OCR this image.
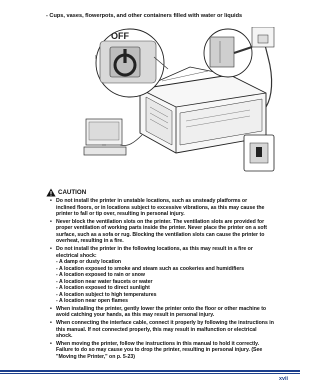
- Cups, vases, flowerpots, and other containers filled with water or liquids
OFF
I
CAUTION
• Do not install the printer in unstable locations, such as unsteady platforms or
inclined floors, or in locations subject to excessive vibrations, as this may cause the
printer to fall or tip over, resulting in personal injury.
• Never block the ventilation slots on the printer. The ventilation slots are provided for
proper ventilation of working parts inside the printer. Never place the printer on a soft
surface, such as a sofa or rug. Blocking the ventilation slots can cause the printer to
overheat, resulting in a fire.
• Do not install the printer in the following locations, as this may result in a fire or
electrical shock:
- A damp or dusty location
- A location exposed to smoke and steam such as cookeries and humidifiers
- A location exposed to rain or snow
- A location near water faucets or water
- A location exposed to direct sunlight
- A location subject to high temperatures
- A location near open flames
• When installing the printer, gently lower the printer onto the floor or other machine to
avoid catching your hands, as this may result in personal injury.
• When connecting the interface cable, connect it properly by following the instructions in
this manual. If not connected properly, this may result in malfunction or electrical
shock.
• When moving the printer, follow the instructions in this manual to hold it correctly.
Failure to do so may cause you to drop the printer, resulting in personal injury. (See
"Moving the Printer," on p. 5-23)
xvii
